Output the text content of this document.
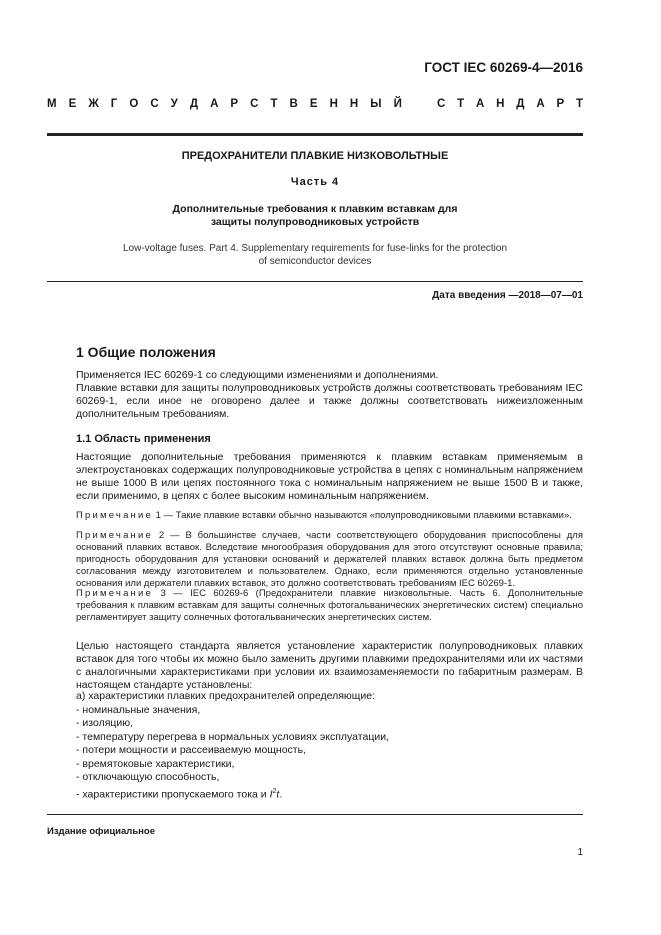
ГОСТ IEC 60269-4—2016
М Е Ж Г О С У Д А Р С Т В Е Н Н Ы Й	С Т А Н Д А Р Т
ПРЕДОХРАНИТЕЛИ ПЛАВКИЕ НИЗКОВОЛЬТНЫЕ
Часть 4
Дополнительные требования к плавким вставкам для
защиты полупроводниковых устройств
Low-voltage fuses. Part 4. Supplementary requirements for fuse-links for the protection
of semiconductor devices
Дата введения —2018—07—01
1 Общие положения
Применяется IEC 60269-1 со следующими изменениями и дополнениями.
Плавкие вставки для защиты полупроводниковых устройств должны соответствовать требованиям IEC 60269-1, если иное не оговорено далее и также должны соответствовать нижеизложенным дополнительным требованиям.
1.1 Область применения
Настоящие дополнительные требования применяются к плавким вставкам применяемым в электроустановках содержащих полупроводниковые устройства в цепях с номинальным напряжением не выше 1000 В или цепях постоянного тока с номинальным напряжением не выше 1500 В и также, если применимо, в цепях с более высоким номинальным напряжением.
Примечание 1 — Такие плавкие вставки обычно называются «полупроводниковыми плавкими вставками».
Примечание 2 — В большинстве случаев, части соответствующего оборудования приспособлены для оснований плавких вставок. Вследствие многообразия оборудования для этого отсутствуют основные правила; пригодность оборудования для установки оснований и держателей плавких вставок должна быть предметом согласования между изготовителем и пользователем. Однако, если применяются отдельно установленные основания или держатели плавких вставок, это должно соответствовать требованиям IEC 60269-1.
Примечание 3 — IEC 60269-6 (Предохранители плавкие низковольтные. Часть 6. Дополнительные требования к плавким вставкам для защиты солнечных фотогальванических энергетических систем) специально регламентирует защиту солнечных фотогальванических энергетических систем.
Целью настоящего стандарта является установление характеристик полупроводниковых плавких вставок для того чтобы их можно было заменить другими плавкими предохранителями или их частями с аналогичными характеристиками при условии их взаимозаменяемости по габаритным размерам. В настоящем стандарте установлены:
а) характеристики плавких предохранителей определяющие:
- номинальные значения,
- изоляцию,
- температуру перегрева в нормальных условиях эксплуатации,
- потери мощности и рассеиваемую мощность,
- времятоковые характеристики,
- отключающую способность,
- характеристики пропускаемого тока и $I^2t$.
Издание официальное
1
